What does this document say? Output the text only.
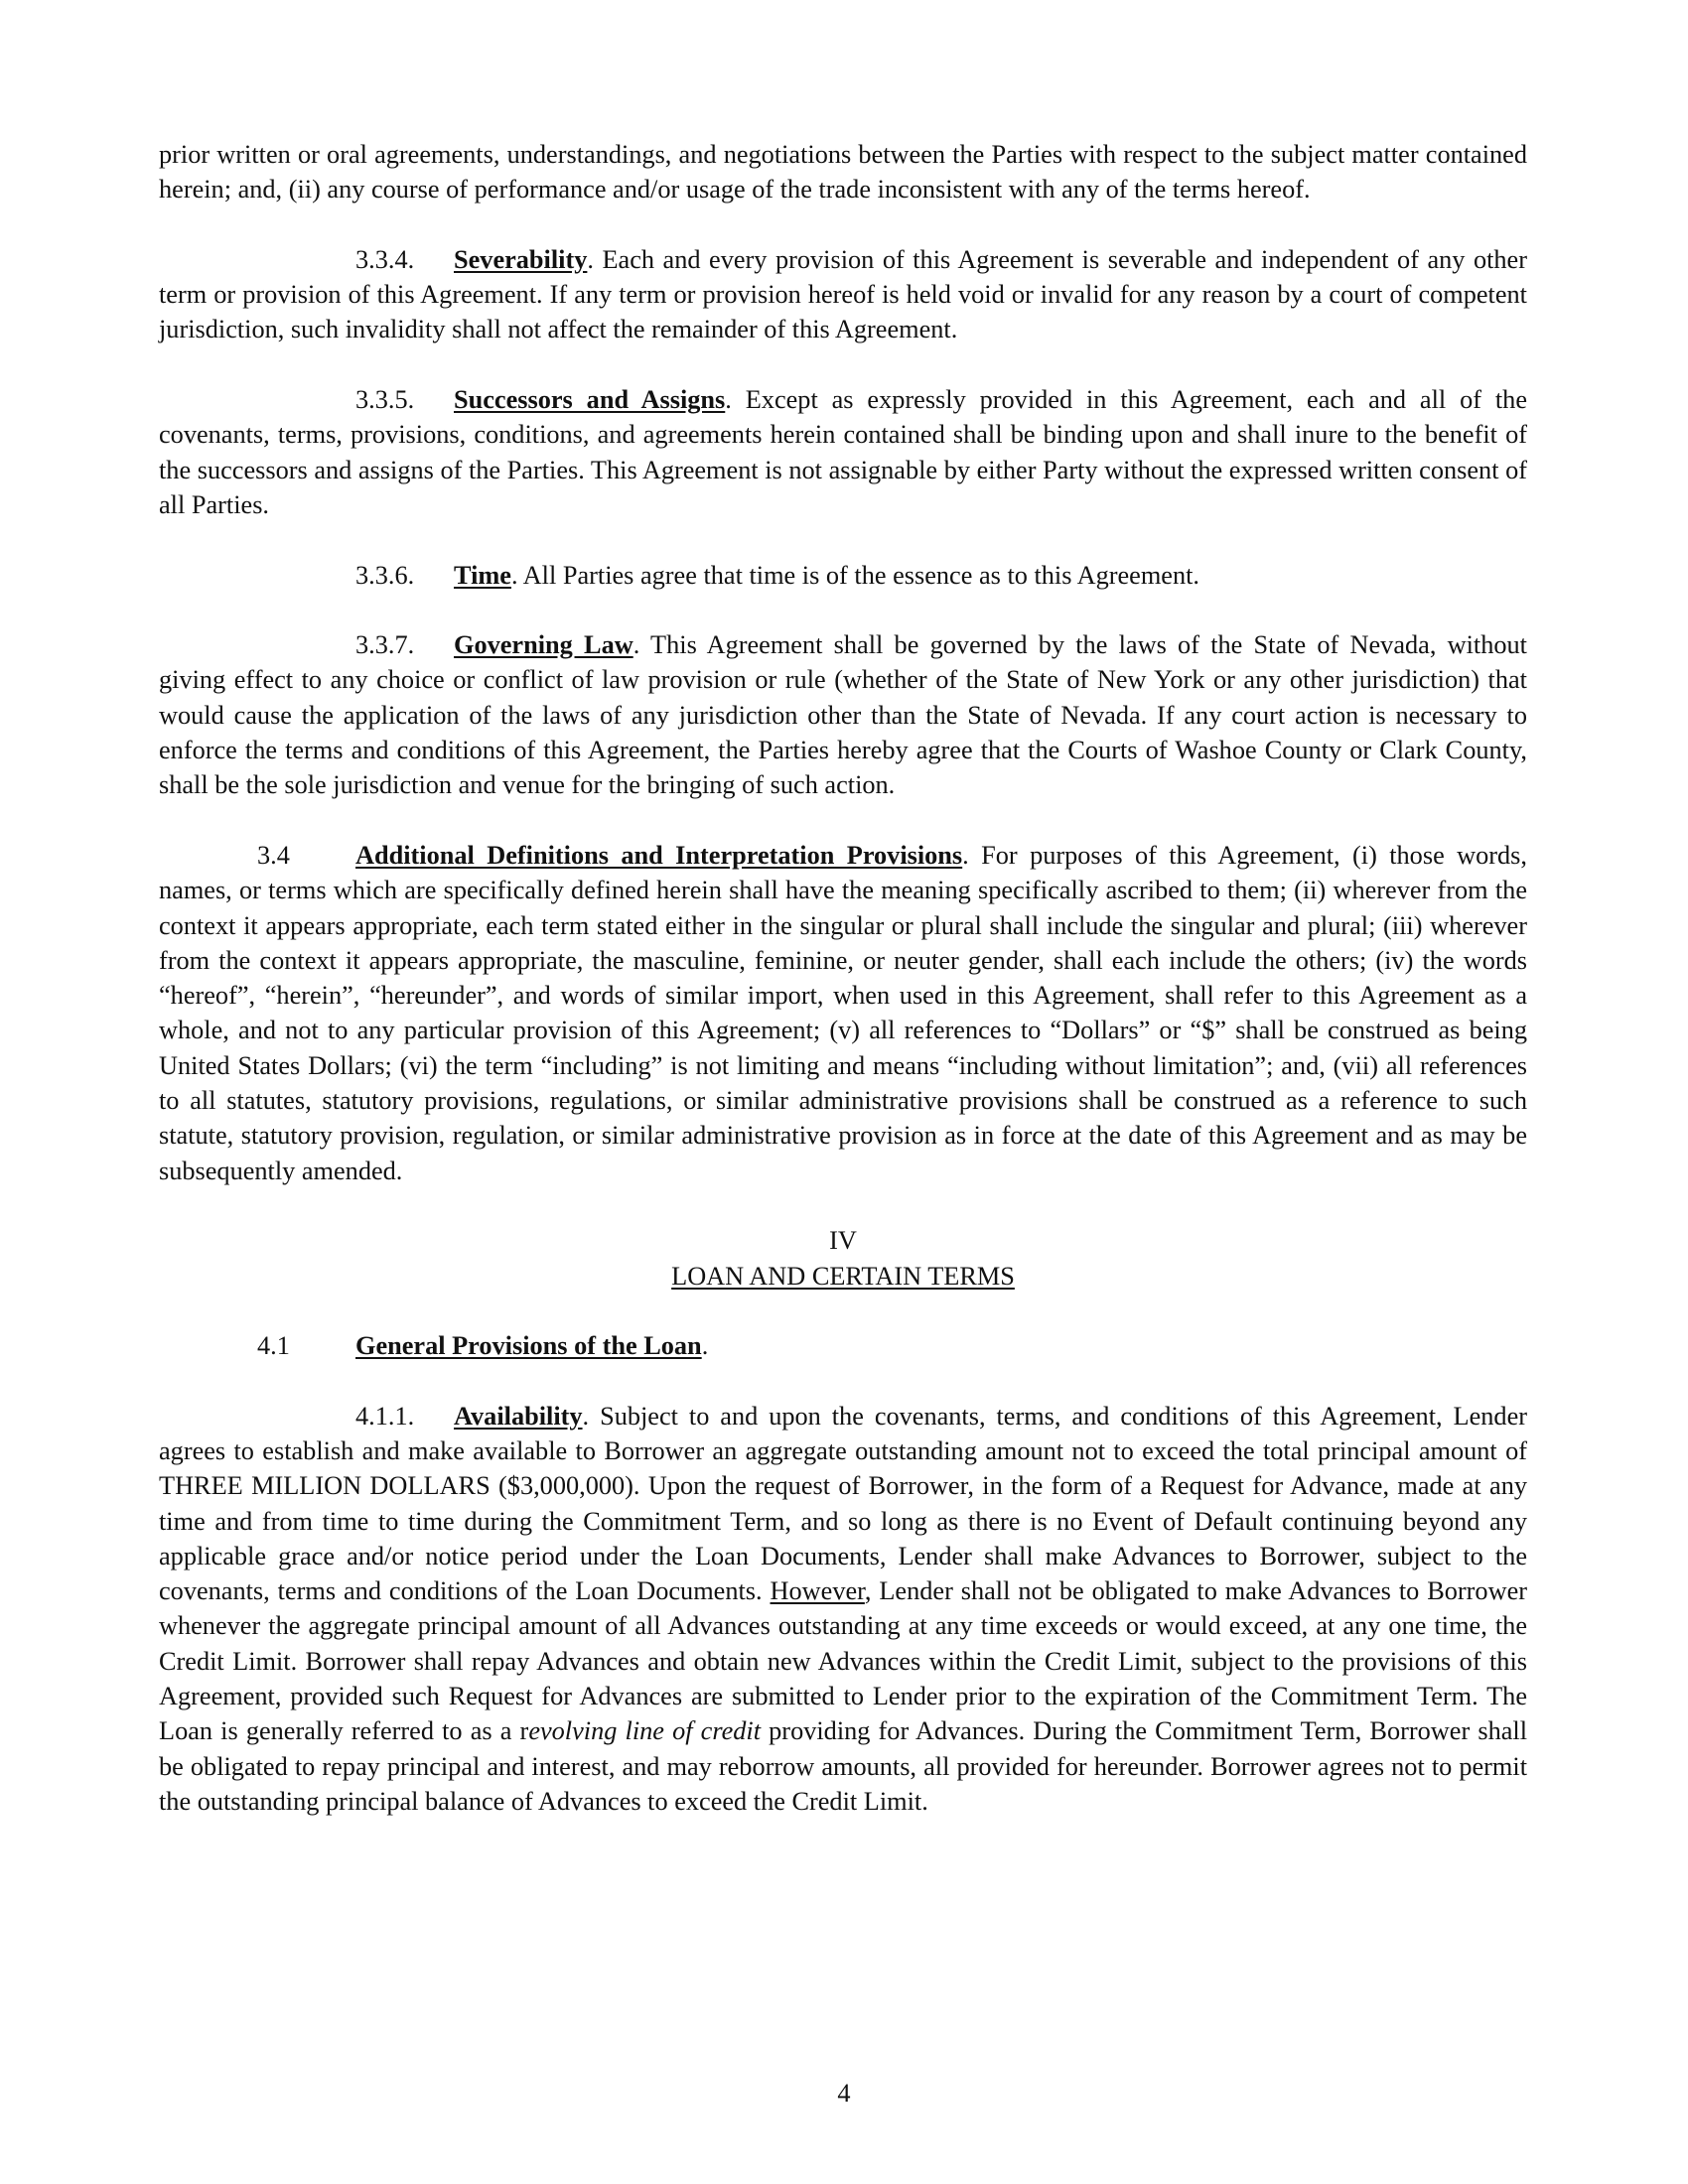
prior written or oral agreements, understandings, and negotiations between the Parties with respect to the subject matter contained herein; and, (ii) any course of performance and/or usage of the trade inconsistent with any of the terms hereof.

3.3.4. Severability. Each and every provision of this Agreement is severable and independent of any other term or provision of this Agreement. If any term or provision hereof is held void or invalid for any reason by a court of competent jurisdiction, such invalidity shall not affect the remainder of this Agreement.

3.3.5. Successors and Assigns. Except as expressly provided in this Agreement, each and all of the covenants, terms, provisions, conditions, and agreements herein contained shall be binding upon and shall inure to the benefit of the successors and assigns of the Parties. This Agreement is not assignable by either Party without the expressed written consent of all Parties.

3.3.6. Time. All Parties agree that time is of the essence as to this Agreement.

3.3.7. Governing Law. This Agreement shall be governed by the laws of the State of Nevada, without giving effect to any choice or conflict of law provision or rule (whether of the State of New York or any other jurisdiction) that would cause the application of the laws of any jurisdiction other than the State of Nevada. If any court action is necessary to enforce the terms and conditions of this Agreement, the Parties hereby agree that the Courts of Washoe County or Clark County, shall be the sole jurisdiction and venue for the bringing of such action.

3.4	Additional Definitions and Interpretation Provisions. For purposes of this Agreement, (i) those words, names, or terms which are specifically defined herein shall have the meaning specifically ascribed to them; (ii) wherever from the context it appears appropriate, each term stated either in the singular or plural shall include the singular and plural; (iii) wherever from the context it appears appropriate, the masculine, feminine, or neuter gender, shall each include the others; (iv) the words “hereof”, “herein”, “hereunder”, and words of similar import, when used in this Agreement, shall refer to this Agreement as a whole, and not to any particular provision of this Agreement; (v) all references to “Dollars” or “$” shall be construed as being United States Dollars; (vi) the term “including” is not limiting and means “including without limitation”; and, (vii) all references to all statutes, statutory provisions, regulations, or similar administrative provisions shall be construed as a reference to such statute, statutory provision, regulation, or similar administrative provision as in force at the date of this Agreement and as may be subsequently amended.

IV

LOAN AND CERTAIN TERMS

4.1	General Provisions of the Loan.

4.1.1. Availability. Subject to and upon the covenants, terms, and conditions of this Agreement, Lender agrees to establish and make available to Borrower an aggregate outstanding amount not to exceed the total principal amount of THREE MILLION DOLLARS ($3,000,000). Upon the request of Borrower, in the form of a Request for Advance, made at any time and from time to time during the Commitment Term, and so long as there is no Event of Default continuing beyond any applicable grace and/or notice period under the Loan Documents, Lender shall make Advances to Borrower, subject to the covenants, terms and conditions of the Loan Documents. However, Lender shall not be obligated to make Advances to Borrower whenever the aggregate principal amount of all Advances outstanding at any time exceeds or would exceed, at any one time, the Credit Limit. Borrower shall repay Advances and obtain new Advances within the Credit Limit, subject to the provisions of this Agreement, provided such Request for Advances are submitted to Lender prior to the expiration of the Commitment Term. The Loan is generally referred to as a revolving line of credit providing for Advances. During the Commitment Term, Borrower shall be obligated to repay principal and interest, and may reborrow amounts, all provided for hereunder. Borrower agrees not to permit the outstanding principal balance of Advances to exceed the Credit Limit.

4
